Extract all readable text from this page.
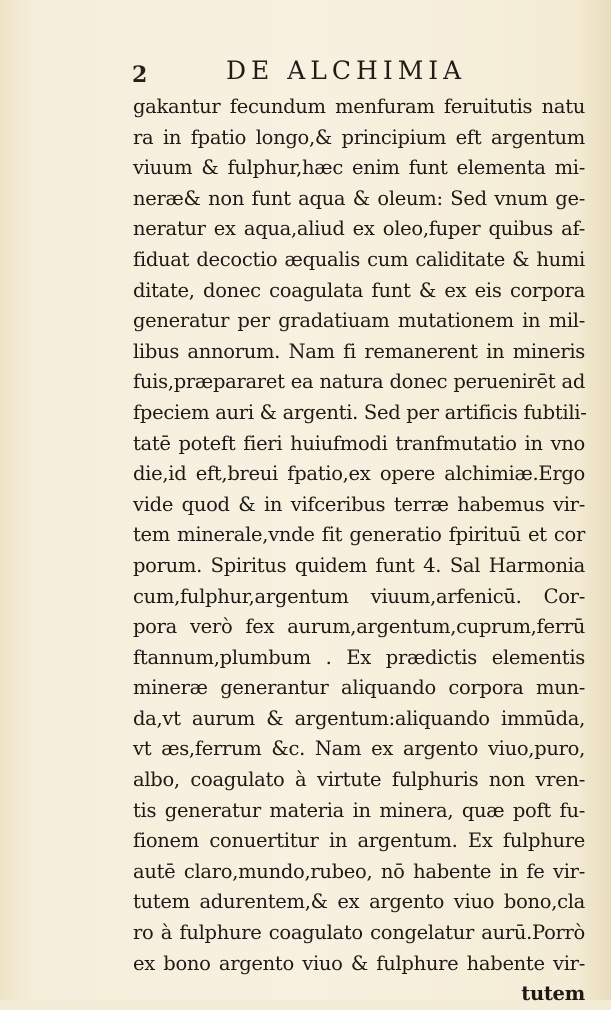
2	DE ALCHIMIA
gakantur fecundum menfuram feruitutis natu
ra in fpatio longo,& principium eft argentum
viuum & fulphur,hæc enim funt elementa mi-
neræ& non funt aqua & oleum: Sed vnum ge-
neratur ex aqua,aliud ex oleo,fuper quibus af-
fiduat decoctio æqualis cum caliditate & humi
ditate, donec coagulata funt & ex eis corpora
generatur per gradatiuam mutationem in mil-
libus annorum. Nam fi remanerent in mineris
fuis,præpararet ea natura donec peruenirēt ad
fpeciem auri & argenti. Sed per artificis fubtili-
tatē poteft fieri huiufmodi tranfmutatio in vno
die,id eft,breui fpatio,ex opere alchimiæ.Ergo
vide quod & in vifceribus terræ habemus vir-
tem minerale,vnde fit generatio fpirituū et cor
porum. Spiritus quidem funt 4. Sal Harmonia
cum,fulphur,argentum viuum,arfenicū. Cor-
pora verò fex aurum,argentum,cuprum,ferrū
ftannum,plumbum . Ex prædictis elementis
mineræ generantur aliquando corpora mun-
da,vt aurum & argentum:aliquando immūda,
vt æs,ferrum &c. Nam ex argento viuo,puro,
albo, coagulato à virtute fulphuris non vren-
tis generatur materia in minera, quæ poft fu-
fionem conuertitur in argentum. Ex fulphure
autē claro,mundo,rubeo, nō habente in fe vir-
tutem adurentem,& ex argento viuo bono,cla
ro à fulphure coagulato congelatur aurū.Porrò
ex bono argento viuo & fulphure habente vir-
tutem
